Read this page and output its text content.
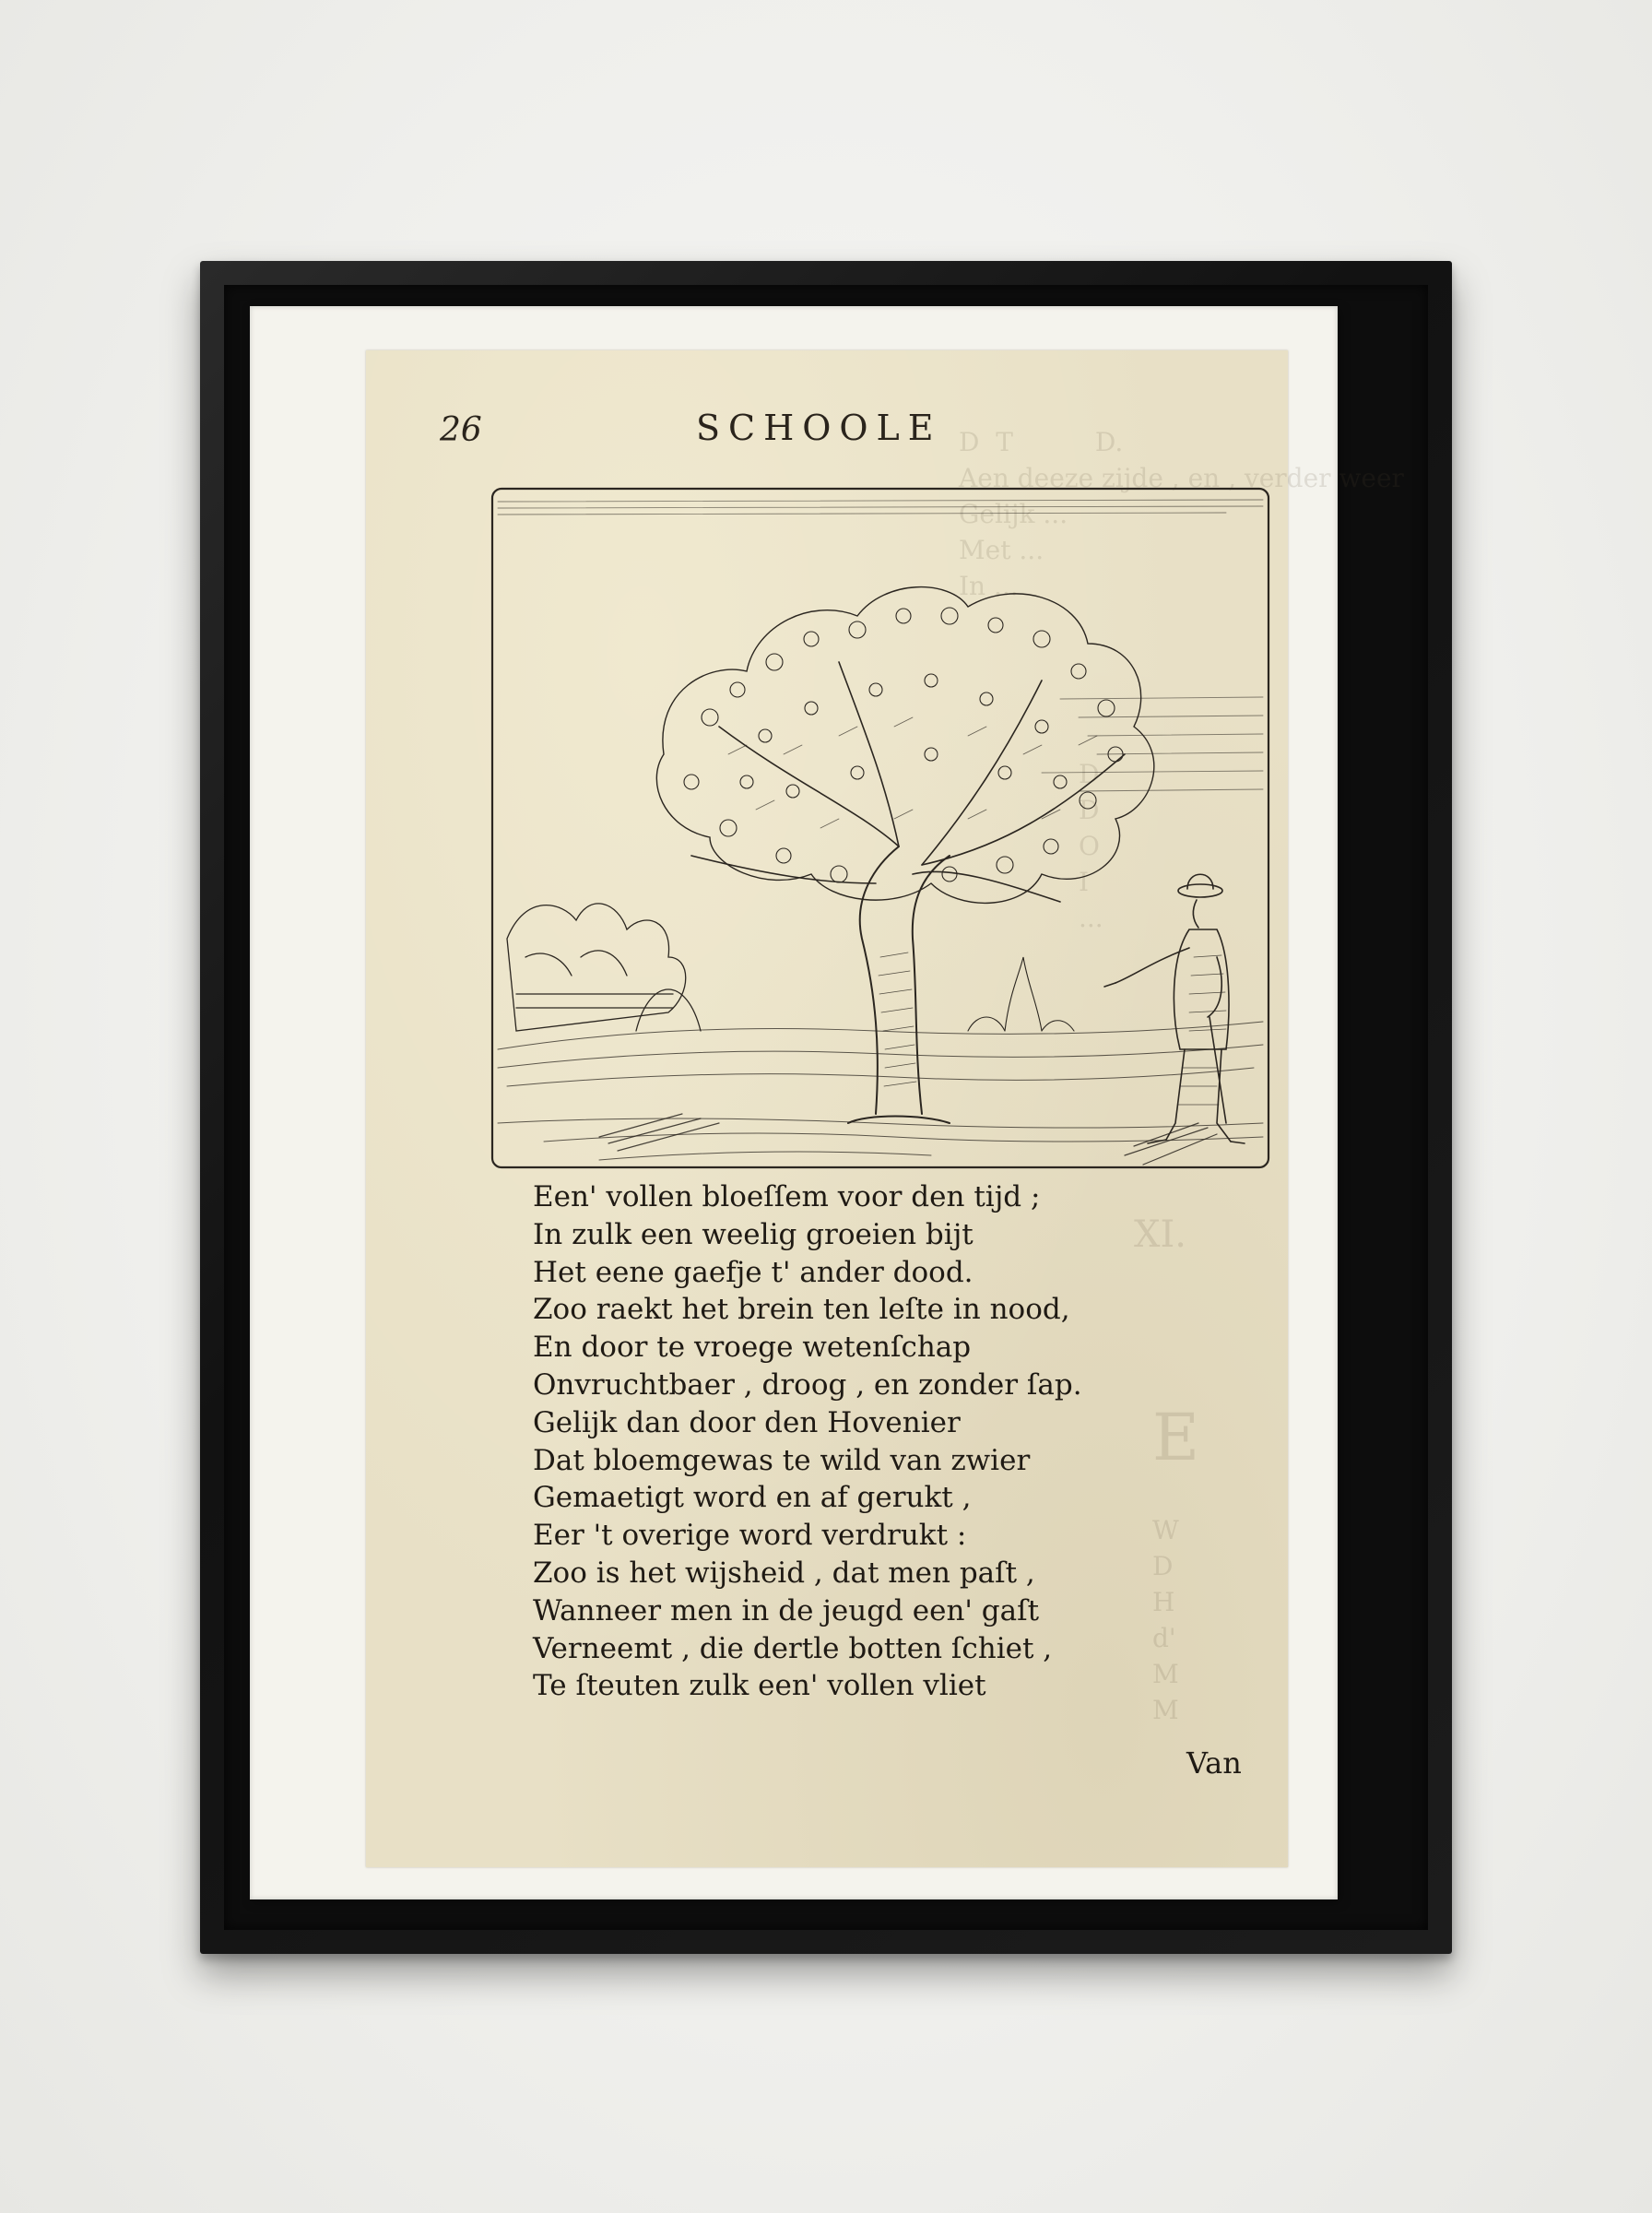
D  T          D.
Aen deeze zijde , en , verder weer
Gelijk ...
Met ...
In ...
D
D
O
I
...
XI.
E
W
D
H
d'
M
M
26	SCHOOLE
Een' vollen bloeſſem voor den tijd ;
In zulk een weelig groeien bijt
Het eene gaefje t' ander dood.
Zoo raekt het brein ten leſte in nood,
En door te vroege wetenſchap
Onvruchtbaer , droog , en zonder ſap.
Gelijk dan door den Hovenier
Dat bloemgewas te wild van zwier
Gemaetigt word en af gerukt ,
Eer 't overige word verdrukt :
Zoo is het wijsheid , dat men paſt ,
Wanneer men in de jeugd een' gaſt
Verneemt , die dertle botten ſchiet ,
Te ſteuten zulk een' vollen vliet
Van
